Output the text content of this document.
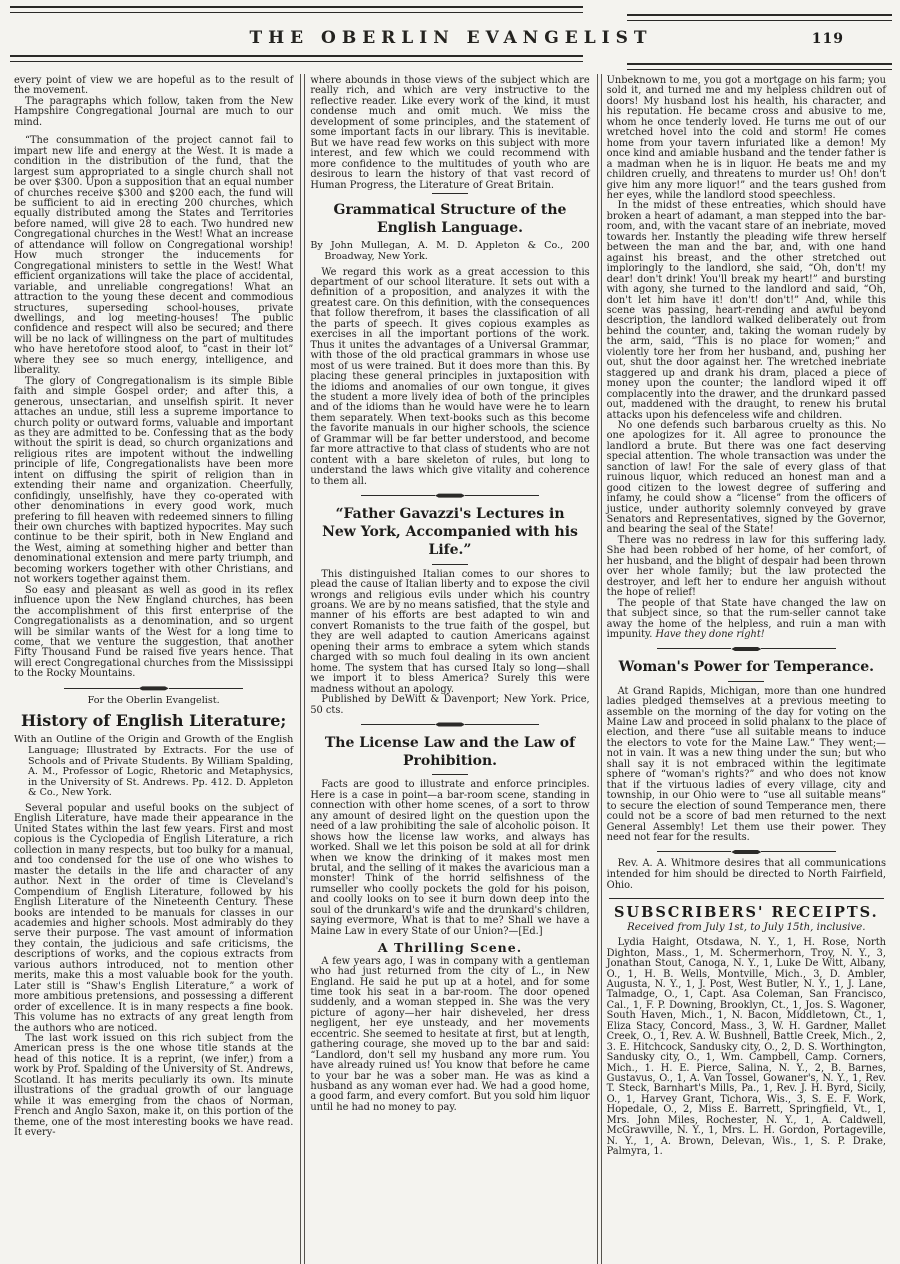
THE OBERLIN EVANGELIST	119

every point of view we are hopeful as to the result of the movement.

The paragraphs which follow, taken from the New Hampshire Congregational Journal are much to our mind.

“The consummation of the project cannot fail to impart new life and energy at the West. It is made a condition in the distribution of the fund, that the largest sum appropriated to a single church shall not be over $300. Upon a supposition that an equal number of churches receive $300 and $200 each, the fund will be sufficient to aid in erecting 200 churches, which equally distributed among the States and Territories before named, will give 28 to each. Two hundred new Congregational churches in the West! What an increase of attendance will follow on Congregational worship! How much stronger the inducements for Congregational ministers to settle in the West! What efficient organizations will take the place of accidental, variable, and unreliable congregations! What an attraction to the young these decent and commodious structures, superseding school-houses, private dwellings, and log meeting-houses! The public confidence and respect will also be secured; and there will be no lack of willingness on the part of multitudes who have heretofore stood aloof, to “cast in their lot” where they see so much energy, intelligence, and liberality.

The glory of Congregationalism is its simple Bible faith and simple Gospel order; and after this, a generous, unsectarian, and unselfish spirit. It never attaches an undue, still less a supreme importance to church polity or outward forms, valuable and important as they are admitted to be. Confessing that as the body without the spirit is dead, so church organizations and religious rites are impotent without the indwelling principle of life, Congregationalists have been more intent on diffusing the spirit of religion than in extending their name and organization. Cheerfully, confidingly, unselfishly, have they co-operated with other denominations in every good work, much prefering to fill heaven with redeemed sinners to filling their own churches with baptized hypocrites. May such continue to be their spirit, both in New England and the West, aiming at something higher and better than denominational extension and mere party triumph, and becoming workers together with other Christians, and not workers together against them.

So easy and pleasant as well as good in its reflex influence upon the New England churches, has been the accomplishment of this first enterprise of the Congregationalists as a denomination, and so urgent will be similar wants of the West for a long time to come, that we venture the suggestion, that another Fifty Thousand Fund be raised five years hence. That will erect Congregational churches from the Mississippi to the Rocky Mountains.

For the Oberlin Evangelist.

History of English Literature;

With an Outline of the Origin and Growth of the English Language; Illustrated by Extracts. For the use of Schools and of Private Students. By William Spalding, A. M., Professor of Logic, Rhetoric and Metaphysics, in the University of St. Andrews. Pp. 412. D. Appleton & Co., New York.

Several popular and useful books on the subject of English Literature, have made their appearance in the United States within the last few years. First and most copious is the Cyclopedia of English Literature, a rich collection in many respects, but too bulky for a manual, and too condensed for the use of one who wishes to master the details in the life and character of any author. Next in the order of time is Cleveland's Compendium of English Literature, followed by his English Literature of the Nineteenth Century. These books are intended to be manuals for classes in our academies and higher schools. Most admirably do they serve their purpose. The vast amount of information they contain, the judicious and safe criticisms, the descriptions of works, and the copious extracts from various authors introduced, not to mention other merits, make this a most valuable book for the youth. Later still is “Shaw's English Literature,” a work of more ambitious pretensions, and possessing a different order of excellence. It is in many respects a fine book. This volume has no extracts of any great length from the authors who are noticed.

The last work issued on this rich subject from the American press is the one whose title stands at the head of this notice. It is a reprint, (we infer,) from a work by Prof. Spalding of the University of St. Andrews, Scotland. It has merits peculiarly its own. Its minute illustrations of the gradual growth of our language while it was emerging from the chaos of Norman, French and Anglo Saxon, make it, on this portion of the theme, one of the most interesting books we have read. It every-

where abounds in those views of the subject which are really rich, and which are very instructive to the reflective reader. Like every work of the kind, it must condense much and omit much. We miss the development of some principles, and the statement of some important facts in our library. This is inevitable. But we have read few works on this subject with more interest, and few which we could recommend with more confidence to the multitudes of youth who are desirous to learn the history of that vast record of Human Progress, the Literature of Great Britain.

Grammatical Structure of the English Language.

By John Mullegan, A. M. D. Appleton & Co., 200 Broadway, New York.

We regard this work as a great accession to this department of our school literature. It sets out with a definition of a proposition, and analyzes it with the greatest care. On this definition, with the consequences that follow therefrom, it bases the classification of all the parts of speech. It gives copious examples as exercises in all the important portions of the work. Thus it unites the advantages of a Universal Grammar, with those of the old practical grammars in whose use most of us were trained. But it does more than this. By placing these general principles in juxtaposition with the idioms and anomalies of our own tongue, it gives the student a more lively idea of both of the principles and of the idioms than he would have were he to learn them separately. When text-books such as this become the favorite manuals in our higher schools, the science of Grammar will be far better understood, and become far more attractive to that class of students who are not content with a bare skeleton of rules, but long to understand the laws which give vitality and coherence to them all.

“Father Gavazzi's Lectures in New York, Accompanied with his Life.”

This distinguished Italian comes to our shores to plead the cause of Italian liberty and to expose the civil wrongs and religious evils under which his country groans. We are by no means satisfied, that the style and manner of his efforts are best adapted to win and convert Romanists to the true faith of the gospel, but they are well adapted to caution Americans against opening their arms to embrace a sytem which stands charged with so much foul dealing in its own ancient home. The system that has cursed Italy so long—shall we import it to bless America? Surely this were madness without an apology.

Published by DeWitt & Davenport; New York. Price, 50 cts.

The License Law and the Law of Prohibition.

Facts are good to illustrate and enforce principles. Here is a case in point—a bar-room scene, standing in connection with other home scenes, of a sort to throw any amount of desired light on the question upon the need of a law prohibiting the sale of alcoholic poison. It shows how the license law works, and always has worked. Shall we let this poison be sold at all for drink when we know the drinking of it makes most men brutal, and the selling of it makes the avaricious man a monster! Think of the horrid selfishness of the rumseller who coolly pockets the gold for his poison, and coolly looks on to see it burn down deep into the soul of the drunkard's wife and the drunkard's children, saying evermore, What is that to me? Shall we have a Maine Law in every State of our Union?—[Ed.]

A Thrilling Scene.

A few years ago, I was in company with a gentleman who had just returned from the city of L., in New England. He said he put up at a hotel, and for some time took his seat in a bar-room. The door opened suddenly, and a woman stepped in. She was the very picture of agony—her hair disheveled, her dress negligent, her eye unsteady, and her movements eccentric. She seemed to hesitate at first, but at length, gathering courage, she moved up to the bar and said: “Landlord, don't sell my husband any more rum. You have already ruined us! You know that before he came to your bar he was a sober man. He was as kind a husband as any woman ever had. We had a good home, a good farm, and every comfort. But you sold him liquor until he had no money to pay.

Unbeknown to me, you got a mortgage on his farm; you sold it, and turned me and my helpless children out of doors! My husband lost his health, his character, and his reputation. He became cross and abusive to me, whom he once tenderly loved. He turns me out of our wretched hovel into the cold and storm! He comes home from your tavern infuriated like a demon! My once kind and amiable husband and the tender father is a madman when he is in liquor. He beats me and my children cruelly, and threatens to murder us! Oh! don't give him any more liquor!” and the tears gushed from her eyes, while the landlord stood speechless.

In the midst of these entreaties, which should have broken a heart of adamant, a man stepped into the bar-room, and, with the vacant stare of an inebriate, moved towards her. Instantly the pleading wife threw herself between the man and the bar, and, with one hand against his breast, and the other stretched out imploringly to the landlord, she said, “Oh, don't! my dear! don't drink! You'll break my heart!” and bursting with agony, she turned to the landlord and said, “Oh, don't let him have it! don't! don't!” And, while this scene was passing, heart-rending and awful beyond description, the landlord walked deliberately out from behind the counter, and, taking the woman rudely by the arm, said, “This is no place for women;” and violently tore her from her husband, and, pushing her out, shut the door against her. The wretched inebriate staggered up and drank his dram, placed a piece of money upon the counter; the landlord wiped it off complacently into the drawer, and the drunkard passed out, maddened with the draught, to renew his brutal attacks upon his defenceless wife and children.

No one defends such barbarous cruelty as this. No one apologizes for it. All agree to pronounce the landlord a brute. But there was one fact deserving special attention. The whole transaction was under the sanction of law! For the sale of every glass of that ruinous liquor, which reduced an honest man and a good citizen to the lowest degree of suffering and infamy, he could show a “license” from the officers of justice, under authority solemnly conveyed by grave Senators and Representatives, signed by the Governor, and bearing the seal of the State!

There was no redress in law for this suffering lady. She had been robbed of her home, of her comfort, of her husband, and the blight of despair had been thrown over her whole family; but the law protected the destroyer, and left her to endure her anguish without the hope of relief!

The people of that State have changed the law on that subject since, so that the rum-seller cannot take away the home of the helpless, and ruin a man with impunity. Have they done right!

Woman's Power for Temperance.

At Grand Rapids, Michigan, more than one hundred ladies pledged themselves at a previous meeting to assemble on the morning of the day for voting on the Maine Law and proceed in solid phalanx to the place of election, and there “use all suitable means to induce the electors to vote for the Maine Law.” They went;—not in vain. It was a new thing under the sun; but who shall say it is not embraced within the legitimate sphere of “woman's rights?” and who does not know that if the virtuous ladies of every village, city and township, in our Ohio were to “use all suitable means” to secure the election of sound Temperance men, there could not be a score of bad men returned to the next General Assembly! Let them use their power. They need not fear for the results.

Rev. A. A. Whitmore desires that all communications intended for him should be directed to North Fairfield, Ohio.

SUBSCRIBERS' RECEIPTS.

Received from July 1st, to July 15th, inclusive.

Lydia Haight, Otsdawa, N. Y., 1, H. Rose, North Dighton, Mass., 1, M. Schermerhorn, Troy, N. Y., 3, Jonathan Stout, Canoga, N. Y., 1, Luke De Witt, Albany, O., 1, H. B. Wells, Montville, Mich., 3, D. Ambler, Augusta, N. Y., 1, J. Post, West Butler, N. Y., 1, J. Lane, Talmadge, O., 1, Capt. Asa Coleman, San Francisco, Cal., 1, F. P. Downing, Brooklyn, Ct., 1, Jos. S. Wagoner, South Haven, Mich., 1, N. Bacon, Middletown, Ct., 1, Eliza Stacy, Concord, Mass., 3, W. H. Gardner, Mallet Creek, O., 1, Rev. A. W. Bushnell, Battle Creek, Mich., 2, 3. E. Hitchcock, Sandusky city, O., 2, D. S. Worthington, Sandusky city, O., 1, Wm. Campbell, Camp. Corners, Mich., 1. H. E. Pierce, Salina, N. Y., 2, B. Barnes, Gustavus, O., 1, A. Van Tossel, Gowaner's, N. Y., 1, Rev. T. Steck, Barnhart's Mills, Pa., 1, Rev. J. H. Byrd, Sicily, O., 1, Harvey Grant, Tichora, Wis., 3, S. E. F. Work, Hopedale, O., 2, Miss E. Barrett, Springfield, Vt., 1, Mrs. John Miles, Rochester, N. Y., 1, A. Caldwell, McGrawville, N. Y., 1, Mrs. L. H. Gordon, Portageville, N. Y., 1, A. Brown, Delevan, Wis., 1, S. P. Drake, Palmyra, 1.
